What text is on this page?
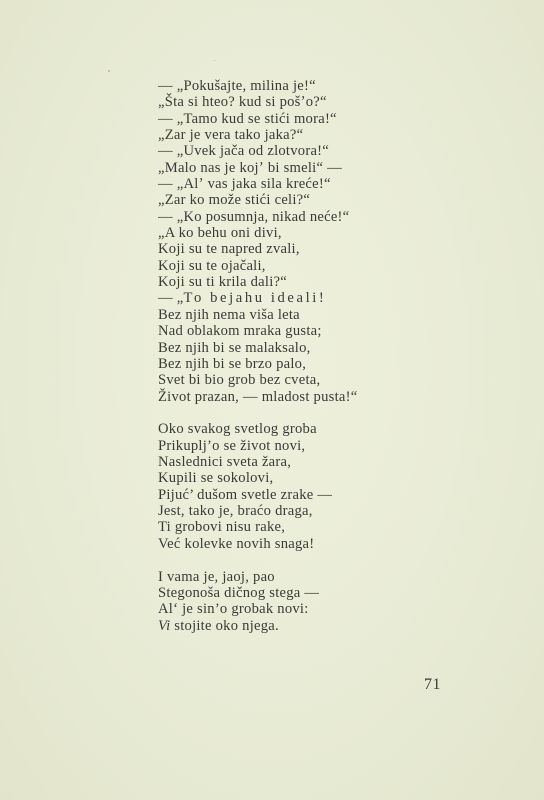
— „Pokušajte, milina je!“
„Šta si hteo? kud si pošʼo?“
— „Tamo kud se stići mora!“
„Zar je vera tako jaka?“
— „Uvek jača od zlotvora!“
„Malo nas je kojʼ bi smeli“ —
— „Alʼ vas jaka sila kreće!“
„Zar ko može stići celi?“
— „Ko posumnja, nikad neće!“
„A ko behu oni divi,
Koji su te napred zvali,
Koji su te ojačali,
Koji su ti krila dali?“
— „To bejahu ideali!
Bez njih nema viša leta
Nad oblakom mraka gusta;
Bez njih bi se malaksalo,
Bez njih bi se brzo palo,
Svet bi bio grob bez cveta,
Život prazan, — mladost pusta!“
Oko svakog svetlog groba
Prikuplj’o se život novi,
Naslednici sveta žara,
Kupili se sokolovi,
Pijuć’ dušom svetle zrake —
Jest, tako je, braćo draga,
Ti grobovi nisu rake,
Već kolevke novih snaga!
I vama je, jaoj, pao
Stegonoša dičnog stega —
Al‘ je sin’o grobak novi:
Vi stojite oko njega.
71
